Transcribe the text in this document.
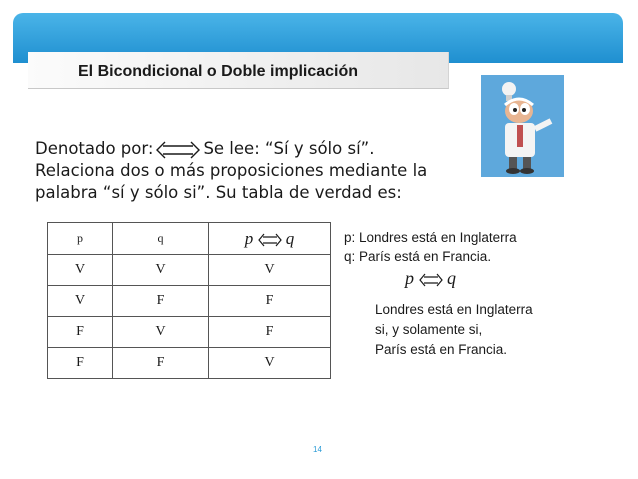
El Bicondicional o Doble implicación
Denotado por:	Se lee: “Sí y sólo sí”.
Relaciona dos o más proposiciones mediante la
palabra “sí y sólo si”. Su tabla de verdad es:
p	q	p q
V	V	V
V	F	F
F	V	F
F	F	V
p: Londres está en Inglaterra
q: París está en Francia.
p q
Londres está en Inglaterra
si, y solamente si,
París está en Francia.
14
